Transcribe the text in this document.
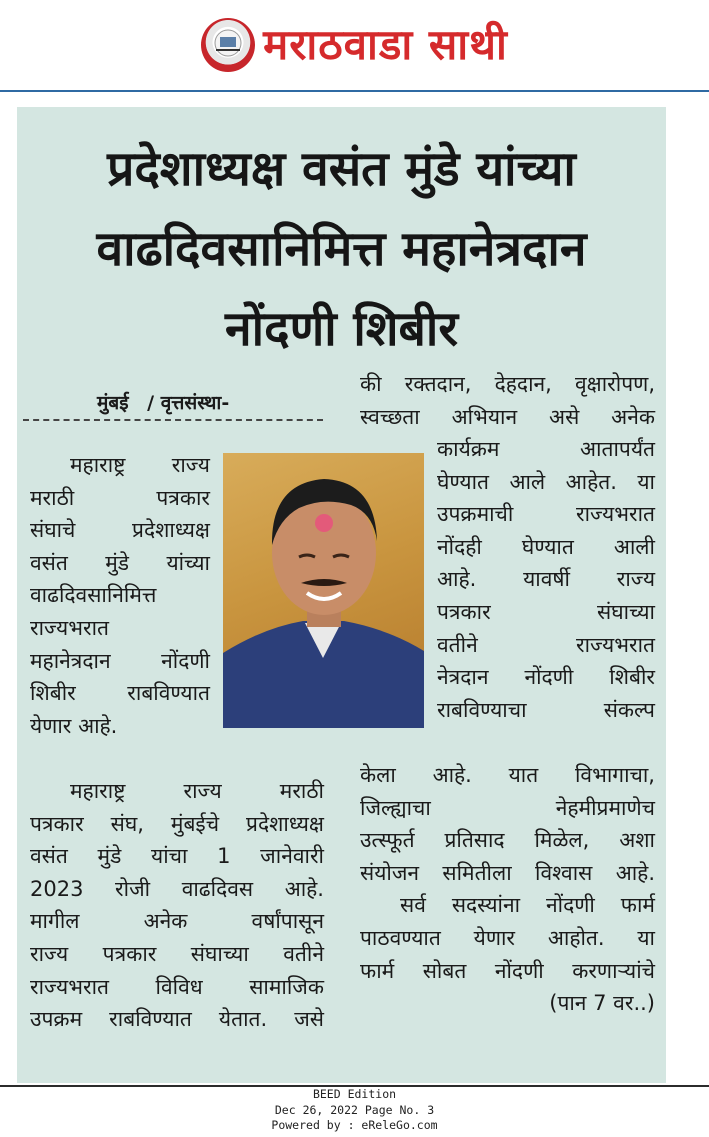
मराठवाडा साथी
प्रदेशाध्यक्ष वसंत मुंडे यांच्या
वाढदिवसानिमित्त महानेत्रदान
नोंदणी शिबीर
मुंबई / वृत्तसंस्था-

महाराष्ट्र राज्य

मराठी पत्रकार

संघाचे प्रदेशाध्यक्ष

वसंत मुंडे यांच्या

वाढदिवसानिमित्त

राज्यभरात

महानेत्रदान नोंदणी

शिबीर राबविण्यात

येणार आहे.

महाराष्ट्र राज्य मराठी

पत्रकार संघ, मुंबईचे प्रदेशाध्यक्ष

वसंत मुंडे यांचा 1 जानेवारी

2023 रोजी वाढदिवस आहे.

मागील अनेक वर्षांपासून

राज्य पत्रकार संघाच्या वतीने

राज्यभरात विविध सामाजिक

उपक्रम राबविण्यात येतात. जसे

की रक्तदान, देहदान, वृक्षारोपण,

स्वच्छता अभियान असे अनेक

कार्यक्रम आतापर्यंत

घेण्यात आले आहेत. या

उपक्रमाची राज्यभरात

नोंदही घेण्यात आली

आहे. यावर्षी राज्य

पत्रकार संघाच्या

वतीने राज्यभरात

नेत्रदान नोंदणी शिबीर

राबविण्याचा संकल्प

केला आहे. यात विभागाचा,

जिल्ह्याचा नेहमीप्रमाणेच

उत्स्फूर्त प्रतिसाद मिळेल, अशा

संयोजन समितीला विश्वास आहे.

सर्व सदस्यांना नोंदणी फार्म

पाठवण्यात येणार आहोत. या

फार्म सोबत नोंदणी करणाऱ्यांचे

(पान 7 वर..)

BEED Edition
Dec 26, 2022 Page No. 3
Powered by : eReleGo.com
